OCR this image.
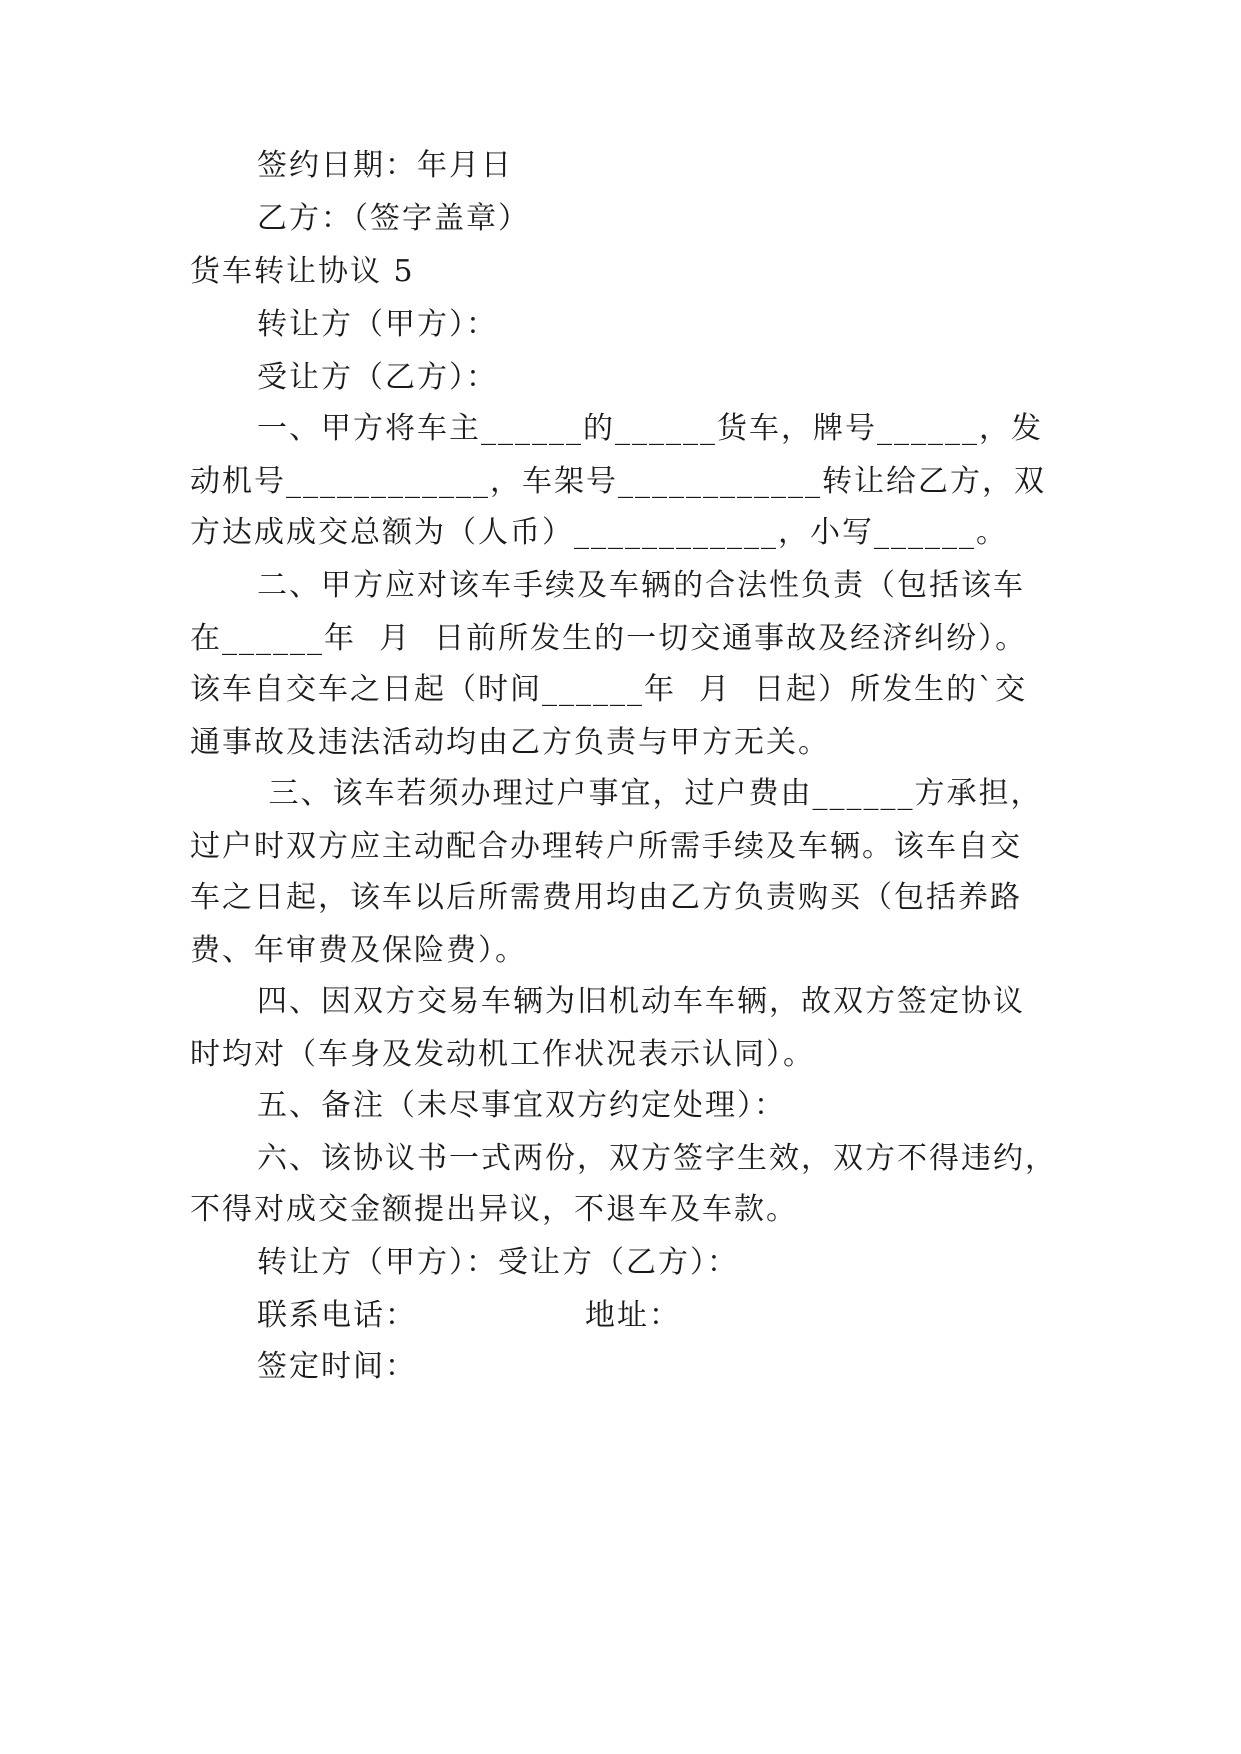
签约日期：年月日
乙方：（签字盖章）
货车转让协议 5
转让方（甲方）：
受让方（乙方）：
一、甲方将车主______的______货车，牌号______，发
动机号____________，车架号____________转让给乙方，双
方达成成交总额为（人币）____________，小写______。
二、甲方应对该车手续及车辆的合法性负责（包括该车
在______年  月  日前所发生的一切交通事故及经济纠纷）。
该车自交车之日起（时间______年  月  日起）所发生的`交
通事故及违法活动均由乙方负责与甲方无关。
三、该车若须办理过户事宜，过户费由______方承担，
过户时双方应主动配合办理转户所需手续及车辆。该车自交
车之日起，该车以后所需费用均由乙方负责购买（包括养路
费、年审费及保险费）。
四、因双方交易车辆为旧机动车车辆，故双方签定协议
时均对（车身及发动机工作状况表示认同）。
五、备注（未尽事宜双方约定处理）：
六、该协议书一式两份，双方签字生效，双方不得违约，
不得对成交金额提出异议，不退车及车款。
转让方（甲方）：受让方（乙方）：
联系电话：	地址：
签定时间：
